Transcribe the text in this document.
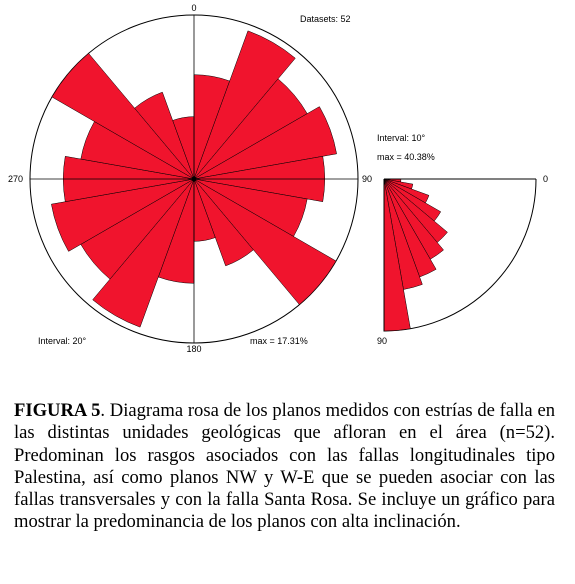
0
90
180
270
Datasets: 52
Interval: 20°	max = 17.31%
Interval: 10°
max = 40.38%
0
90

FIGURA 5. Diagrama rosa de los planos medidos con estrías de falla en las distintas unidades geológicas que afloran en el área (n=52). Predominan los rasgos asociados con las fallas longitudinales tipo Palestina, así como planos NW y W-E que se pueden asociar con las fallas transversales y con la falla Santa Rosa. Se incluye un gráfico para mostrar la predominancia de los planos con alta inclinación.
